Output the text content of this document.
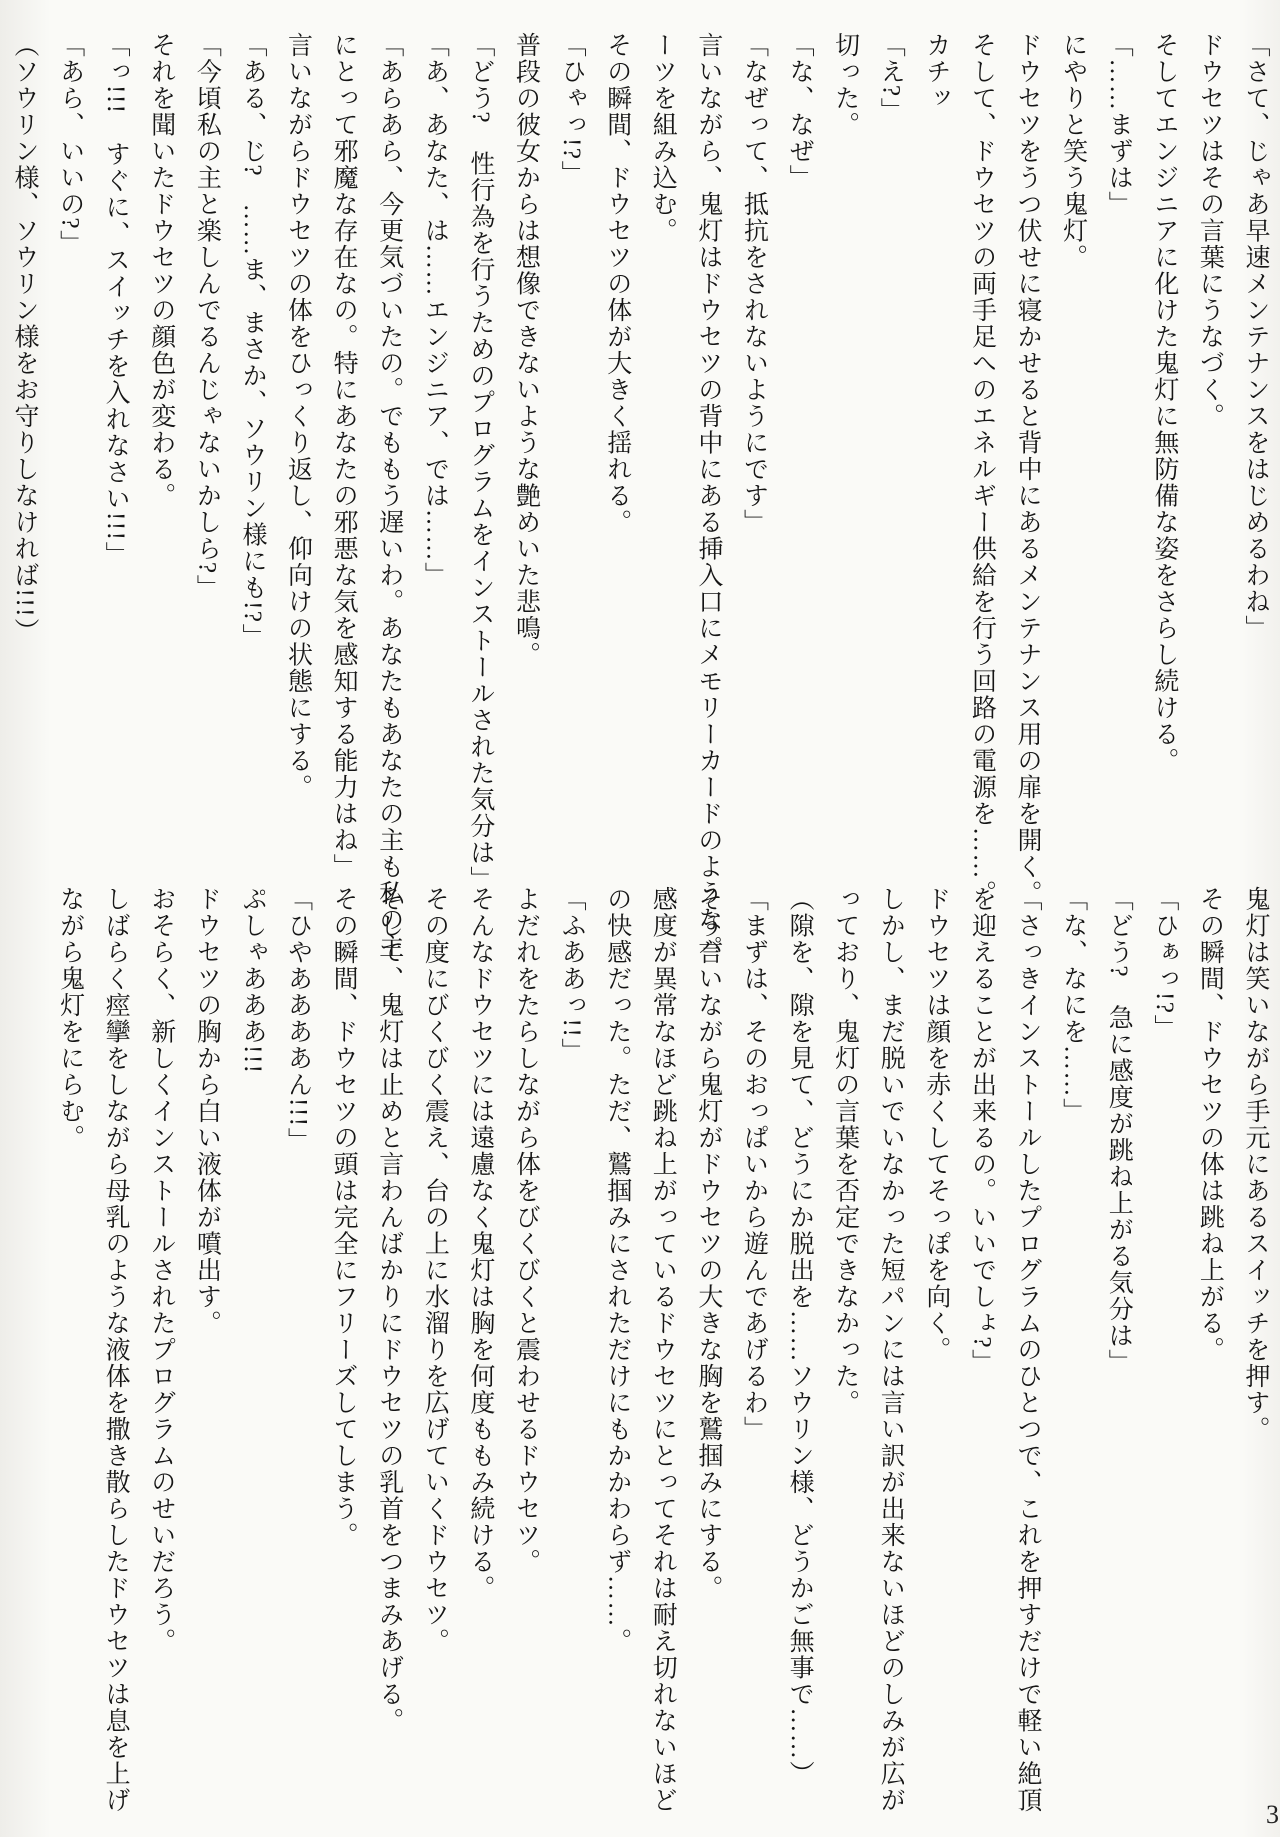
「さて、じゃあ早速メンテナンスをはじめるわね」

ドウセツはその言葉にうなづく。

そしてエンジニアに化けた鬼灯に無防備な姿をさらし続ける。

「……まずは」

にやりと笑う鬼灯。

ドウセツをうつ伏せに寝かせると背中にあるメンテナンス用の扉を開く。

そして、ドウセツの両手足へのエネルギー供給を行う回路の電源を……。

カチッ

「え?」

切った。

「な、なぜ」

「なぜって、抵抗をされないようにです」

言いながら、鬼灯はドウセツの背中にある挿入口にメモリーカードのようなパ

ーツを組み込む。

その瞬間、ドウセツの体が大きく揺れる。

「ひゃっ!?」

普段の彼女からは想像できないような艶めいた悲鳴。

「どう?　性行為を行うためのプログラムをインストールされた気分は」

「あ、あなた、は……エンジニア、では……」

「あらあら、今更気づいたの。でももう遅いわ。あなたもあなたの主も私の主

にとって邪魔な存在なの。特にあなたの邪悪な気を感知する能力はね」

言いながらドウセツの体をひっくり返し、仰向けの状態にする。

「ある、じ?　……ま、まさか、ソウリン様にも!?」

「今頃私の主と楽しんでるんじゃないかしら?」

それを聞いたドウセツの顔色が変わる。

「っ!!!　すぐに、スイッチを入れなさい!!!」

「あら、いいの?」

（ソウリン様、ソウリン様をお守りしなければ!!!）

鬼灯は笑いながら手元にあるスイッチを押す。

その瞬間、ドウセツの体は跳ね上がる。

「ひぁっ!?」

「どう?　急に感度が跳ね上がる気分は」

「な、なにを……」

「さっきインストールしたプログラムのひとつで、これを押すだけで軽い絶頂

を迎えることが出来るの。いいでしょ?」

ドウセツは顔を赤くしてそっぽを向く。

しかし、まだ脱いでいなかった短パンには言い訳が出来ないほどのしみが広が

っており、鬼灯の言葉を否定できなかった。

（隙を、隙を見て、どうにか脱出を……ソウリン様、どうかご無事で……）

「まずは、そのおっぱいから遊んであげるわ」

そう言いながら鬼灯がドウセツの大きな胸を鷲掴みにする。

感度が異常なほど跳ね上がっているドウセツにとってそれは耐え切れないほど

の快感だった。ただ、鷲掴みにされただけにもかかわらず……。

「ふああっ!!」

よだれをたらしながら体をびくびくと震わせるドウセツ。

そんなドウセツには遠慮なく鬼灯は胸を何度ももみ続ける。

その度にびくびく震え、台の上に水溜りを広げていくドウセツ。

そして、鬼灯は止めと言わんばかりにドウセツの乳首をつまみあげる。

その瞬間、ドウセツの頭は完全にフリーズしてしまう。

「ひやああああん!!!」

ぷしゃあああ!!!

ドウセツの胸から白い液体が噴出す。

おそらく、新しくインストールされたプログラムのせいだろう。

しばらく痙攣をしながら母乳のような液体を撒き散らしたドウセツは息を上げ

ながら鬼灯をにらむ。

3
